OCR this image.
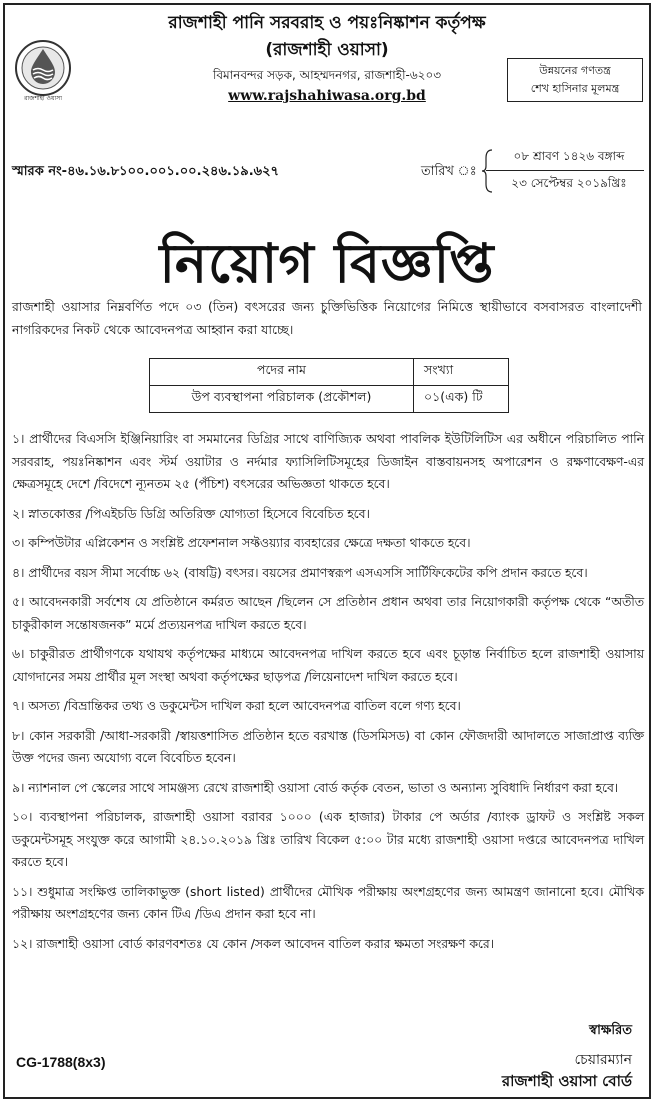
রাজশাহী ওয়াসা
রাজশাহী পানি সরবরাহ ও পয়ঃনিষ্কাশন কর্তৃপক্ষ
(রাজশাহী ওয়াসা)
বিমানবন্দর সড়ক, আহম্মদনগর, রাজশাহী-৬২০৩
www.rajshahiwasa.org.bd
উন্নয়নের গণতন্ত্র
শেখ হাসিনার মূলমন্ত্র
স্মারক নং-৪৬.১৬.৮১০০.০০১.০০.২৪৬.১৯.৬২৭	তারিখ ঃ
০৮ শ্রাবণ ১৪২৬ বঙ্গাব্দ
২৩ সেপ্টেম্বর ২০১৯খ্রিঃ
নিয়োগ বিজ্ঞপ্তি
রাজশাহী ওয়াসার নিম্নবর্ণিত পদে ০৩ (তিন) বৎসরের জন্য চুক্তিভিত্তিক নিয়োগের নিমিত্তে স্থায়ীভাবে বসবাসরত বাংলাদেশী নাগরিকদের নিকট থেকে আবেদনপত্র আহ্বান করা যাচ্ছে।
পদের নাম	সংখ্যা
উপ ব্যবস্থাপনা পরিচালক (প্রকৌশল)	০১(এক) টি
১। প্রার্থীদের বিএসসি ইঞ্জিনিয়ারিং বা সমমানের ডিগ্রির সাথে বাণিজ্যিক অথবা পাবলিক ইউটিলিটিস এর অধীনে পরিচালিত পানি সরবরাহ, পয়ঃনিষ্কাশন এবং স্টর্ম ওয়াটার ও নর্দমার ফ্যাসিলিটিসমূহের ডিজাইন বাস্তবায়নসহ অপারেশন ও রক্ষণাবেক্ষণ-এর ক্ষেত্রসমূহে দেশে /বিদেশে ন্যূনতম ২৫ (পঁচিশ) বৎসরের অভিজ্ঞতা থাকতে হবে।
২। স্নাতকোত্তর /পিএইচডি ডিগ্রি অতিরিক্ত যোগ্যতা হিসেবে বিবেচিত হবে।
৩। কম্পিউটার এপ্লিকেশন ও সংশ্লিষ্ট প্রফেশনাল সফ্টওয়্যার ব্যবহারের ক্ষেত্রে দক্ষতা থাকতে হবে।
৪। প্রার্থীদের বয়স সীমা সর্বোচ্চ ৬২ (বাষট্টি) বৎসর। বয়সের প্রমাণস্বরূপ এসএসসি সার্টিফিকেটের কপি প্রদান করতে হবে।
৫। আবেদনকারী সর্বশেষ যে প্রতিষ্ঠানে কর্মরত আছেন /ছিলেন সে প্রতিষ্ঠান প্রধান অথবা তার নিয়োগকারী কর্তৃপক্ষ থেকে “অতীত চাকুরীকাল সন্তোষজনক” মর্মে প্রত্যয়নপত্র দাখিল করতে হবে।
৬। চাকুরীরত প্রার্থীগণকে যথাযথ কর্তৃপক্ষের মাধ্যমে আবেদনপত্র দাখিল করতে হবে এবং চূড়ান্ত নির্বাচিত হলে রাজশাহী ওয়াসায় যোগদানের সময় প্রার্থীর মূল সংস্থা অথবা কর্তৃপক্ষের ছাড়পত্র /লিয়েনাদেশ দাখিল করতে হবে।
৭। অসত্য /বিভ্রান্তিকর তথ্য ও ডকুমেন্টস দাখিল করা হলে আবেদনপত্র বাতিল বলে গণ্য হবে।
৮। কোন সরকারী /আধা-সরকারী /স্বায়ত্তশাসিত প্রতিষ্ঠান হতে বরখাস্ত (ডিসমিসড) বা কোন ফৌজদারী আদালতে সাজাপ্রাপ্ত ব্যক্তি উক্ত পদের জন্য অযোগ্য বলে বিবেচিত হবেন।
৯। ন্যাশনাল পে স্কেলের সাথে সামঞ্জস্য রেখে রাজশাহী ওয়াসা বোর্ড কর্তৃক বেতন, ভাতা ও অন্যান্য সুবিধাদি নির্ধারণ করা হবে।
১০। ব্যবস্থাপনা পরিচালক, রাজশাহী ওয়াসা বরাবর ১০০০ (এক হাজার) টাকার পে অর্ডার /ব্যাংক ড্রাফট ও সংশ্লিষ্ট সকল ডকুমেন্টসমূহ সংযুক্ত করে আগামী ২৪.১০.২০১৯ খ্রিঃ তারিখ বিকেল ৫:০০ টার মধ্যে রাজশাহী ওয়াসা দপ্তরে আবেদনপত্র দাখিল করতে হবে।
১১। শুধুমাত্র সংক্ষিপ্ত তালিকাভুক্ত (short listed) প্রার্থীদের মৌখিক পরীক্ষায় অংশগ্রহণের জন্য আমন্ত্রণ জানানো হবে। মৌখিক পরীক্ষায় অংশগ্রহণের জন্য কোন টিএ /ডিএ প্রদান করা হবে না।
১২। রাজশাহী ওয়াসা বোর্ড কারণবশতঃ যে কোন /সকল আবেদন বাতিল করার ক্ষমতা সংরক্ষণ করে।
স্বাক্ষরিত
চেয়ারম্যান
রাজশাহী ওয়াসা বোর্ড
CG-1788(8x3)
